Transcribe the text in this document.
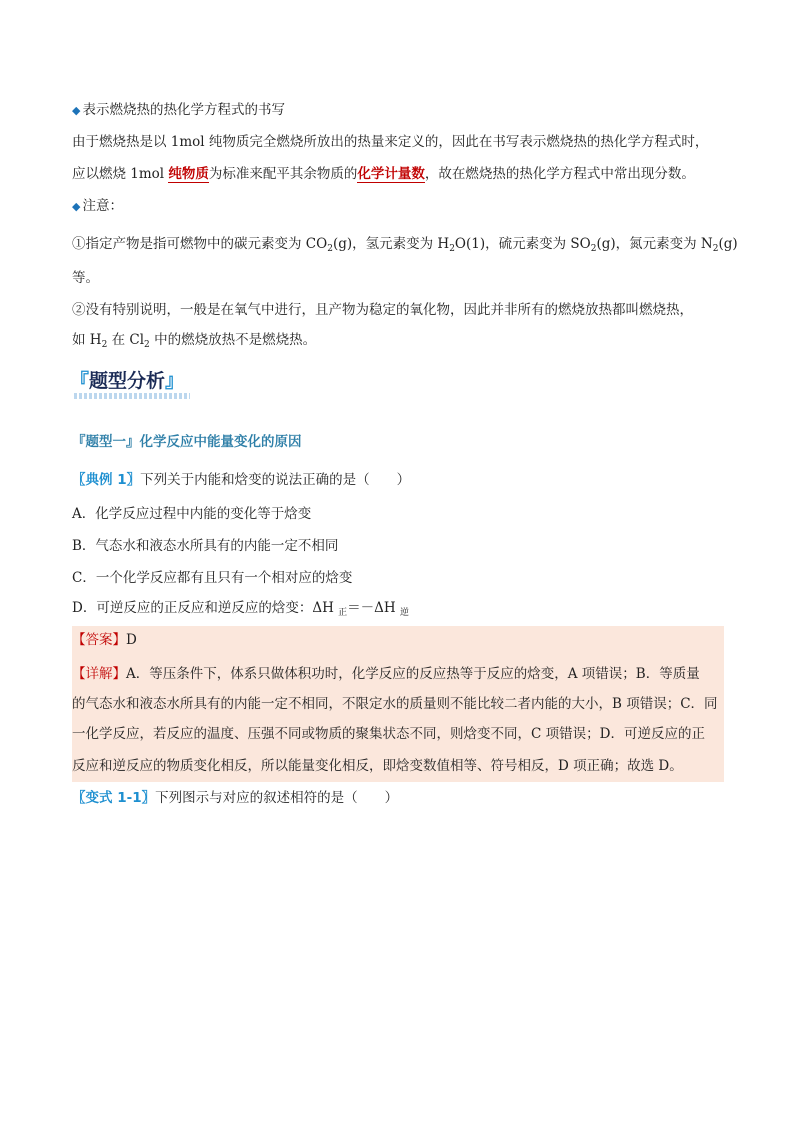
◆ 表示燃烧热的热化学方程式的书写
由于燃烧热是以 1mol 纯物质完全燃烧所放出的热量来定义的，因此在书写表示燃烧热的热化学方程式时，
应以燃烧 1mol 纯物质为标准来配平其余物质的化学计量数，故在燃烧热的热化学方程式中常出现分数。
◆ 注意：
①指定产物是指可燃物中的碳元素变为 $CO_2(g)$，氢元素变为 $H_2O(1)$，硫元素变为 $SO_2(g)$，氮元素变为 $N_2(g)$
等。
②没有特别说明，一般是在氧气中进行，且产物为稳定的氧化物，因此并非所有的燃烧放热都叫燃烧热，
如 $H_2$ 在 $Cl_2$ 中的燃烧放热不是燃烧热。
『题型分析』
『题型一』化学反应中能量变化的原因
〖典例 1〗下列关于内能和焓变的说法正确的是（　　）
A．化学反应过程中内能的变化等于焓变
B．气态水和液态水所具有的内能一定不相同
C．一个化学反应都有且只有一个相对应的焓变
D．可逆反应的正反应和逆反应的焓变：ΔH $_正$＝－ΔH $_逆$
【答案】D
【详解】A．等压条件下，体系只做体积功时，化学反应的反应热等于反应的焓变，A 项错误；B．等质量
的气态水和液态水所具有的内能一定不相同，不限定水的质量则不能比较二者内能的大小，B 项错误；C．同
一化学反应，若反应的温度、压强不同或物质的聚集状态不同，则焓变不同，C 项错误；D．可逆反应的正
反应和逆反应的物质变化相反，所以能量变化相反，即焓变数值相等、符号相反，D 项正确；故选 D。
〖变式 1-1〗下列图示与对应的叙述相符的是（　　）
